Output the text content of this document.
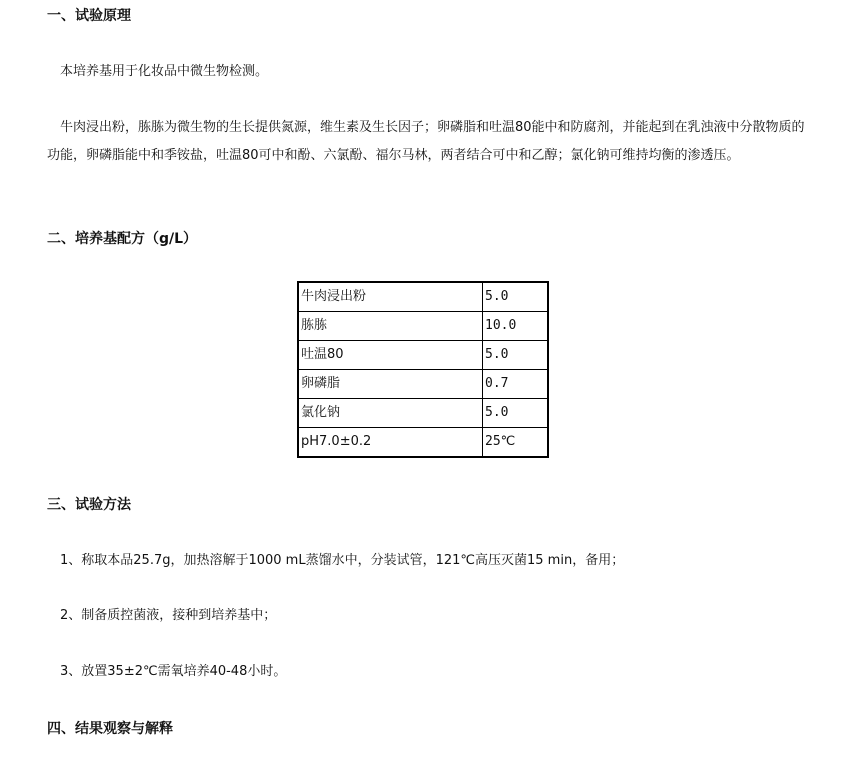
一、试验原理
本培养基用于化妆品中微生物检测。
牛肉浸出粉，胨胨为微生物的生长提供氮源，维生素及生长因子；卵磷脂和吐温80能中和防腐剂，并能起到在乳浊液中分散物质的功能，卵磷脂能中和季铵盐，吐温80可中和酚、六氯酚、福尔马林，两者结合可中和乙醇；氯化钠可维持均衡的渗透压。
二、培养基配方（g/L）
牛肉浸出粉	5.0
胨胨	10.0
吐温80	5.0
卵磷脂	0.7
氯化钠	5.0
pH7.0±0.2	25℃
三、试验方法
1、称取本品25.7g，加热溶解于1000 mL蒸馏水中，分装试管，121℃高压灭菌15 min，备用；
2、制备质控菌液，接种到培养基中；
3、放置35±2℃需氧培养40-48小时。
四、结果观察与解释
